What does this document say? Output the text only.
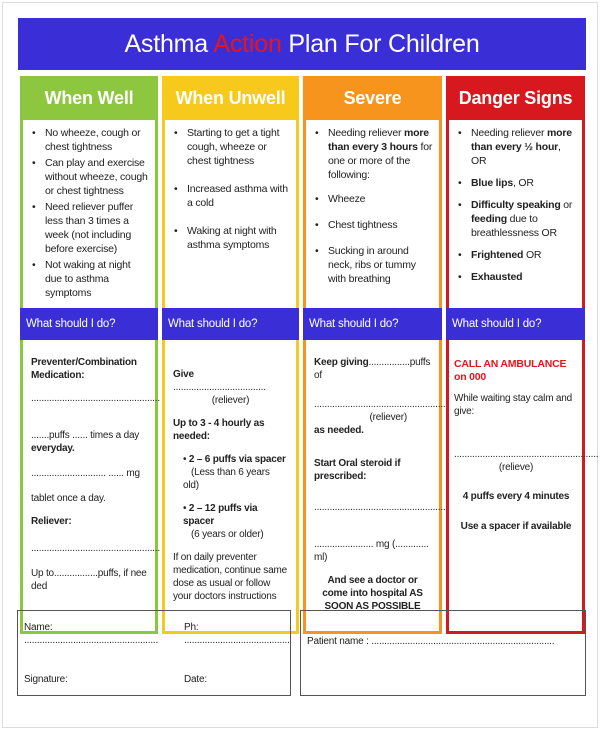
Asthma Action Plan For Children
When Well
• No wheeze, cough or chest tightness
• Can play and exercise without wheeze, cough or chest tightness
• Need reliever puffer less than 3 times a week (not including before exercise)
• Not waking at night due to asthma symptoms
What should I do?

Preventer/Combination Medication:

..................................................

.......puffs ...... times a day everyday.

............................. ...... mg

tablet once a day.

Reliever:

..................................................

Up to.................puffs, if needed

When Unwell
• Starting to get a tight cough, wheeze or chest tightness
• Increased asthma with a cold
• Waking at night with asthma symptoms
What should I do?

Give ....................................

(reliever)

Up to 3 - 4 hourly as needed:

• 2 – 6 puffs via spacer
(Less than 6 years old)

• 2 – 12 puffs via spacer
(6 years or older)

If on daily preventer medication, continue same dose as usual or follow your doctors instructions

Severe
• Needing reliever more than every 3 hours for one or more of the following:
• Wheeze
• Chest tightness
• Sucking in around neck, ribs or tummy with breathing
What should I do?

Keep giving................puffs of

...................................................

(reliever)

as needed.

Start Oral steroid if prescribed:

...................................................

....................... mg (.............ml)

And see a doctor or come into hospital AS SOON AS POSSIBLE

Danger Signs
• Needing reliever more than every ½ hour, OR
• Blue lips, OR
• Difficulty speaking or feeding due to breathlessness OR
• Frightened OR
• Exhausted
What should I do?

CALL AN AMBULANCE on 000

While waiting stay calm and give:

........................................................

(relieve)

4 puffs every 4 minutes

Use a spacer if available

Name: ....................................................
Ph: .........................................
Signature:	Date:
Patient name : .......................................................................
